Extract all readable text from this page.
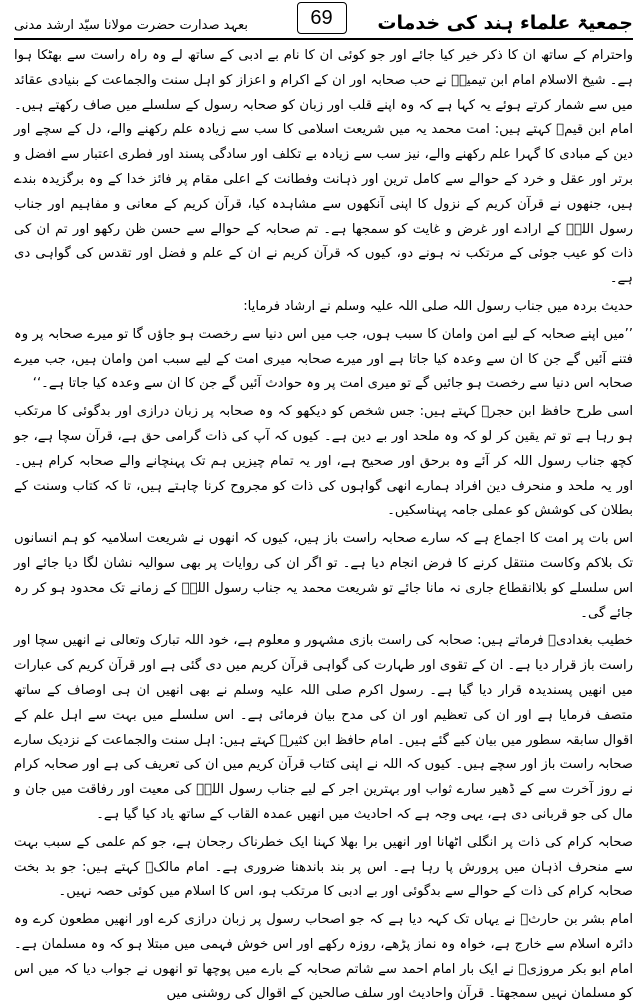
جمعیۃ علماء ہند کی خدمات
بعہد صدارت حضرت مولانا سیّد ارشد مدنی	69

واحترام کے ساتھ ان کا ذکر خیر کیا جائے اور جو کوئی ان کا نام بے ادبی کے ساتھ لے وہ راہ راست سے بھٹکا ہوا ہے۔ شیخ الاسلام امام ابن تیمیہؒ نے حب صحابہ اور ان کے اکرام و اعزاز کو اہل سنت والجماعت کے بنیادی عقائد میں سے شمار کرتے ہوئے یہ کہا ہے کہ وہ اپنے قلب اور زبان کو صحابہ رسول کے سلسلے میں صاف رکھتے ہیں۔ امام ابن قیمؒ کہتے ہیں: امت محمد یہ میں شریعت اسلامی کا سب سے زیادہ علم رکھنے والے، دل کے سچے اور دین کے مبادی کا گہرا علم رکھنے والے، نیز سب سے زیادہ بے تکلف اور سادگی پسند اور فطری اعتبار سے افضل و برتر اور عقل و خرد کے حوالے سے کامل ترین اور ذہانت وفطانت کے اعلی مقام پر فائز خدا کے وہ برگزیدہ بندے ہیں، جنھوں نے قرآن کریم کے نزول کا اپنی آنکھوں سے مشاہدہ کیا، قرآن کریم کے معانی و مفاہیم اور جناب رسول اللہؐ کے ارادے اور غرض و غایت کو سمجھا ہے۔ تم صحابہ کے حوالے سے حسن ظن رکھو اور تم ان کی ذات کو عیب جوئی کے مرتکب نہ ہونے دو، کیوں کہ قرآن کریم نے ان کے علم و فضل اور تقدس کی گواہی دی ہے۔

حدیث بردہ میں جناب رسول اللہ صلی اللہ علیہ وسلم نے ارشاد فرمایا:

’’میں اپنے صحابہ کے لیے امن وامان کا سبب ہوں، جب میں اس دنیا سے رخصت ہو جاؤں گا تو میرے صحابہ پر وہ فتنے آئیں گے جن کا ان سے وعدہ کیا جاتا ہے اور میرے صحابہ میری امت کے لیے سبب امن وامان ہیں، جب میرے صحابہ اس دنیا سے رخصت ہو جائیں گے تو میری امت پر وہ حوادث آئیں گے جن کا ان سے وعدہ کیا جاتا ہے۔‘‘

اسی طرح حافظ ابن حجرؒ کہتے ہیں: جس شخص کو دیکھو کہ وہ صحابہ پر زبان درازی اور بدگوئی کا مرتکب ہو رہا ہے تو تم یقین کر لو کہ وہ ملحد اور بے دین ہے۔ کیوں کہ آپ کی ذات گرامی حق ہے، قرآن سچا ہے، جو کچھ جناب رسول اللہ کر آئے وہ برحق اور صحیح ہے، اور یہ تمام چیزیں ہم تک پہنچانے والے صحابہ کرام ہیں۔ اور یہ ملحد و منحرف دین افراد ہمارے انھی گواہوں کی ذات کو مجروح کرنا چاہتے ہیں، تا کہ کتاب وسنت کے بطلان کی کوشش کو عملی جامہ پہناسکیں۔

اس بات پر امت کا اجماع ہے کہ سارے صحابہ راست باز ہیں، کیوں کہ انھوں نے شریعت اسلامیہ کو ہم انسانوں تک بلاکم وکاست منتقل کرنے کا فرض انجام دیا ہے۔ تو اگر ان کی روایات پر بھی سوالیہ نشان لگا دیا جائے اور اس سلسلے کو بلاانقطاع جاری نہ مانا جائے تو شریعت محمد یہ جناب رسول اللہؐ کے زمانے تک محدود ہو کر رہ جائے گی۔

خطیب بغدادیؒ فرماتے ہیں: صحابہ کی راست بازی مشہور و معلوم ہے، خود اللہ تبارک وتعالی نے انھیں سچا اور راست باز قرار دیا ہے۔ ان کے تقوی اور طہارت کی گواہی قرآن کریم میں دی گئی ہے اور قرآن کریم کی عبارات میں انھیں پسندیدہ قرار دیا گیا ہے۔ رسول اکرم صلی اللہ علیہ وسلم نے بھی انھیں ان ہی اوصاف کے ساتھ متصف فرمایا ہے اور ان کی تعظیم اور ان کی مدح بیان فرمائی ہے۔ اس سلسلے میں بہت سے اہل علم کے اقوال سابقہ سطور میں بیان کیے گئے ہیں۔ امام حافظ ابن کثیرؒ کہتے ہیں: اہل سنت والجماعت کے نزدیک سارے صحابہ راست باز اور سچے ہیں۔ کیوں کہ اللہ نے اپنی کتاب قرآن کریم میں ان کی تعریف کی ہے اور صحابہ کرام نے روز آخرت سے کے ڈھیر سارے ثواب اور بہترین اجر کے لیے جناب رسول اللہؐ کی معیت اور رفاقت میں جان و مال کی جو قربانی دی ہے، یہی وجہ ہے کہ احادیث میں انھیں عمدہ القاب کے ساتھ یاد کیا گیا ہے۔

صحابہ کرام کی ذات پر انگلی اٹھانا اور انھیں برا بھلا کہنا ایک خطرناک رجحان ہے، جو کم علمی کے سبب بہت سے منحرف اذہان میں پرورش پا رہا ہے۔ اس پر بند باندھنا ضروری ہے۔ امام مالکؒ کہتے ہیں: جو بد بخت صحابہ کرام کی ذات کے حوالے سے بدگوئی اور بے ادبی کا مرتکب ہو، اس کا اسلام میں کوئی حصہ نہیں۔

امام بشر بن حارثؒ نے یہاں تک کہہ دیا ہے کہ جو اصحاب رسول پر زبان درازی کرے اور انھیں مطعون کرے وہ دائرہ اسلام سے خارج ہے، خواہ وہ نماز پڑھے، روزہ رکھے اور اس خوش فہمی میں مبتلا ہو کہ وہ مسلمان ہے۔ امام ابو بکر مروزیؒ نے ایک بار امام احمد سے شاتم صحابہ کے بارے میں پوچھا تو انھوں نے جواب دیا کہ میں اس کو مسلمان نہیں سمجھتا۔ قرآن واحادیث اور سلف صالحین کے اقوال کی روشنی میں
